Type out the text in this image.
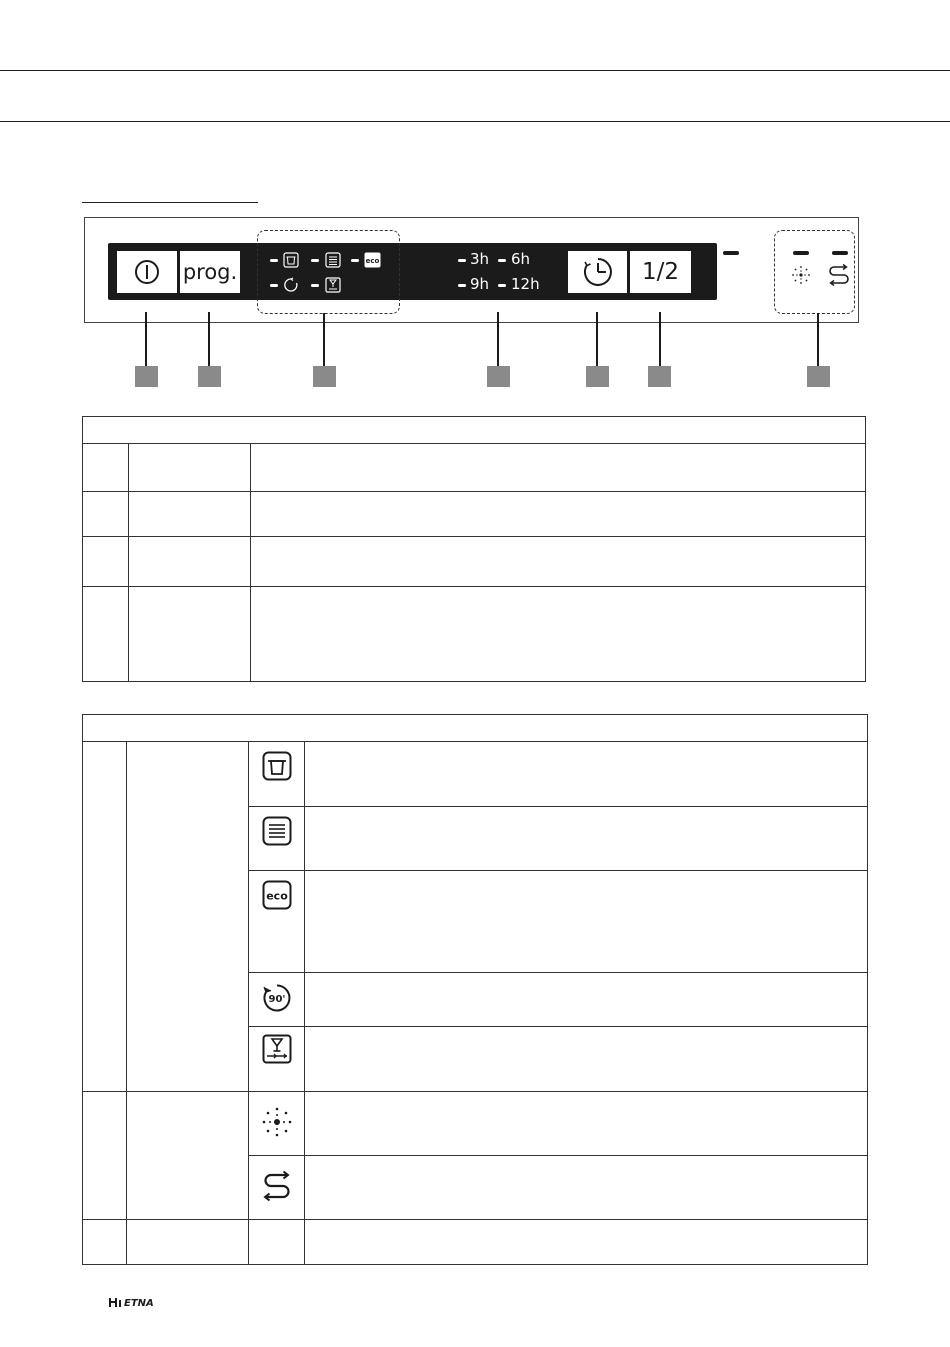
prog.	eco	3h 6h
9h 12h	1/2

eco	

90'	

ETNA
